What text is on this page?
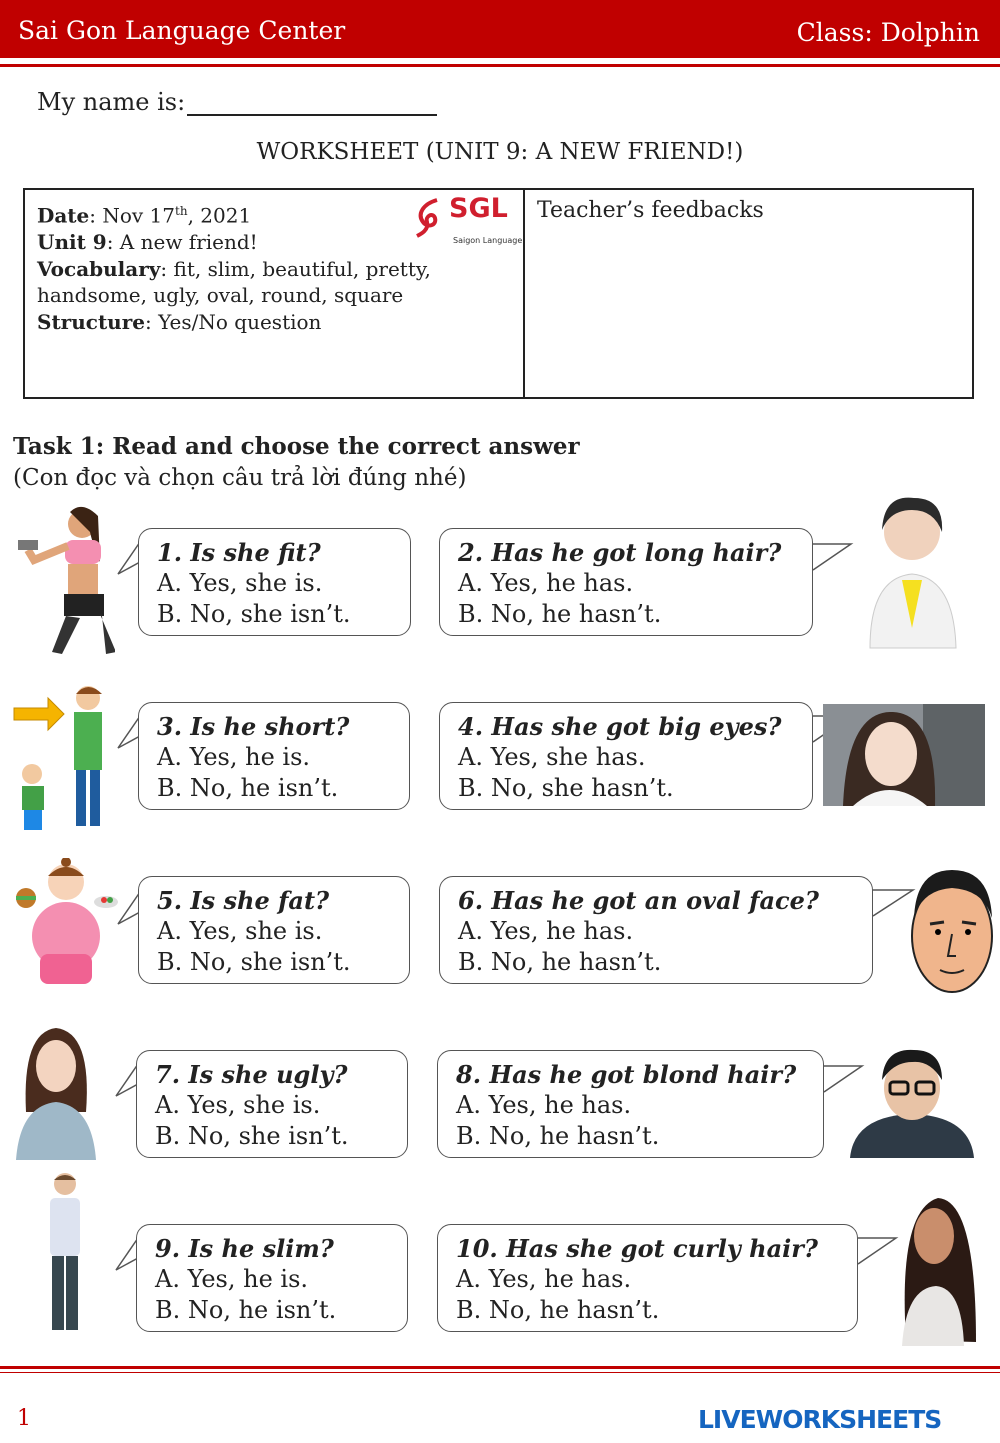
Sai Gon Language Center	Class: Dolphin
My name is:
WORKSHEET (UNIT 9: A NEW FRIEND!)
Date: Nov 17th, 2021
Unit 9: A new friend!
Vocabulary: fit, slim, beautiful, pretty, handsome, ugly, oval, round, square
Structure: Yes/No question
SGL
Saigon Language
Teacher’s feedbacks
Task 1: Read and choose the correct answer
(Con đọc và chọn câu trả lời đúng nhé)
1. Is she fit?
A. Yes, she is.
B. No, she isn’t.
2. Has he got long hair?
A. Yes, he has.
B. No, he hasn’t.
3. Is he short?
A. Yes, he is.
B. No, he isn’t.
4. Has she got big eyes?
A. Yes, she has.
B. No, she hasn’t.
5. Is she fat?
A. Yes, she is.
B. No, she isn’t.
6. Has he got an oval face?
A. Yes, he has.
B. No, he hasn’t.
7. Is she ugly?
A. Yes, she is.
B. No, she isn’t.
8. Has he got blond hair?
A. Yes, he has.
B. No, he hasn’t.
9. Is he slim?
A. Yes, he is.
B. No, he isn’t.
10. Has she got curly hair?
A. Yes, he has.
B. No, he hasn’t.
1	LIVEWORKSHEETS
